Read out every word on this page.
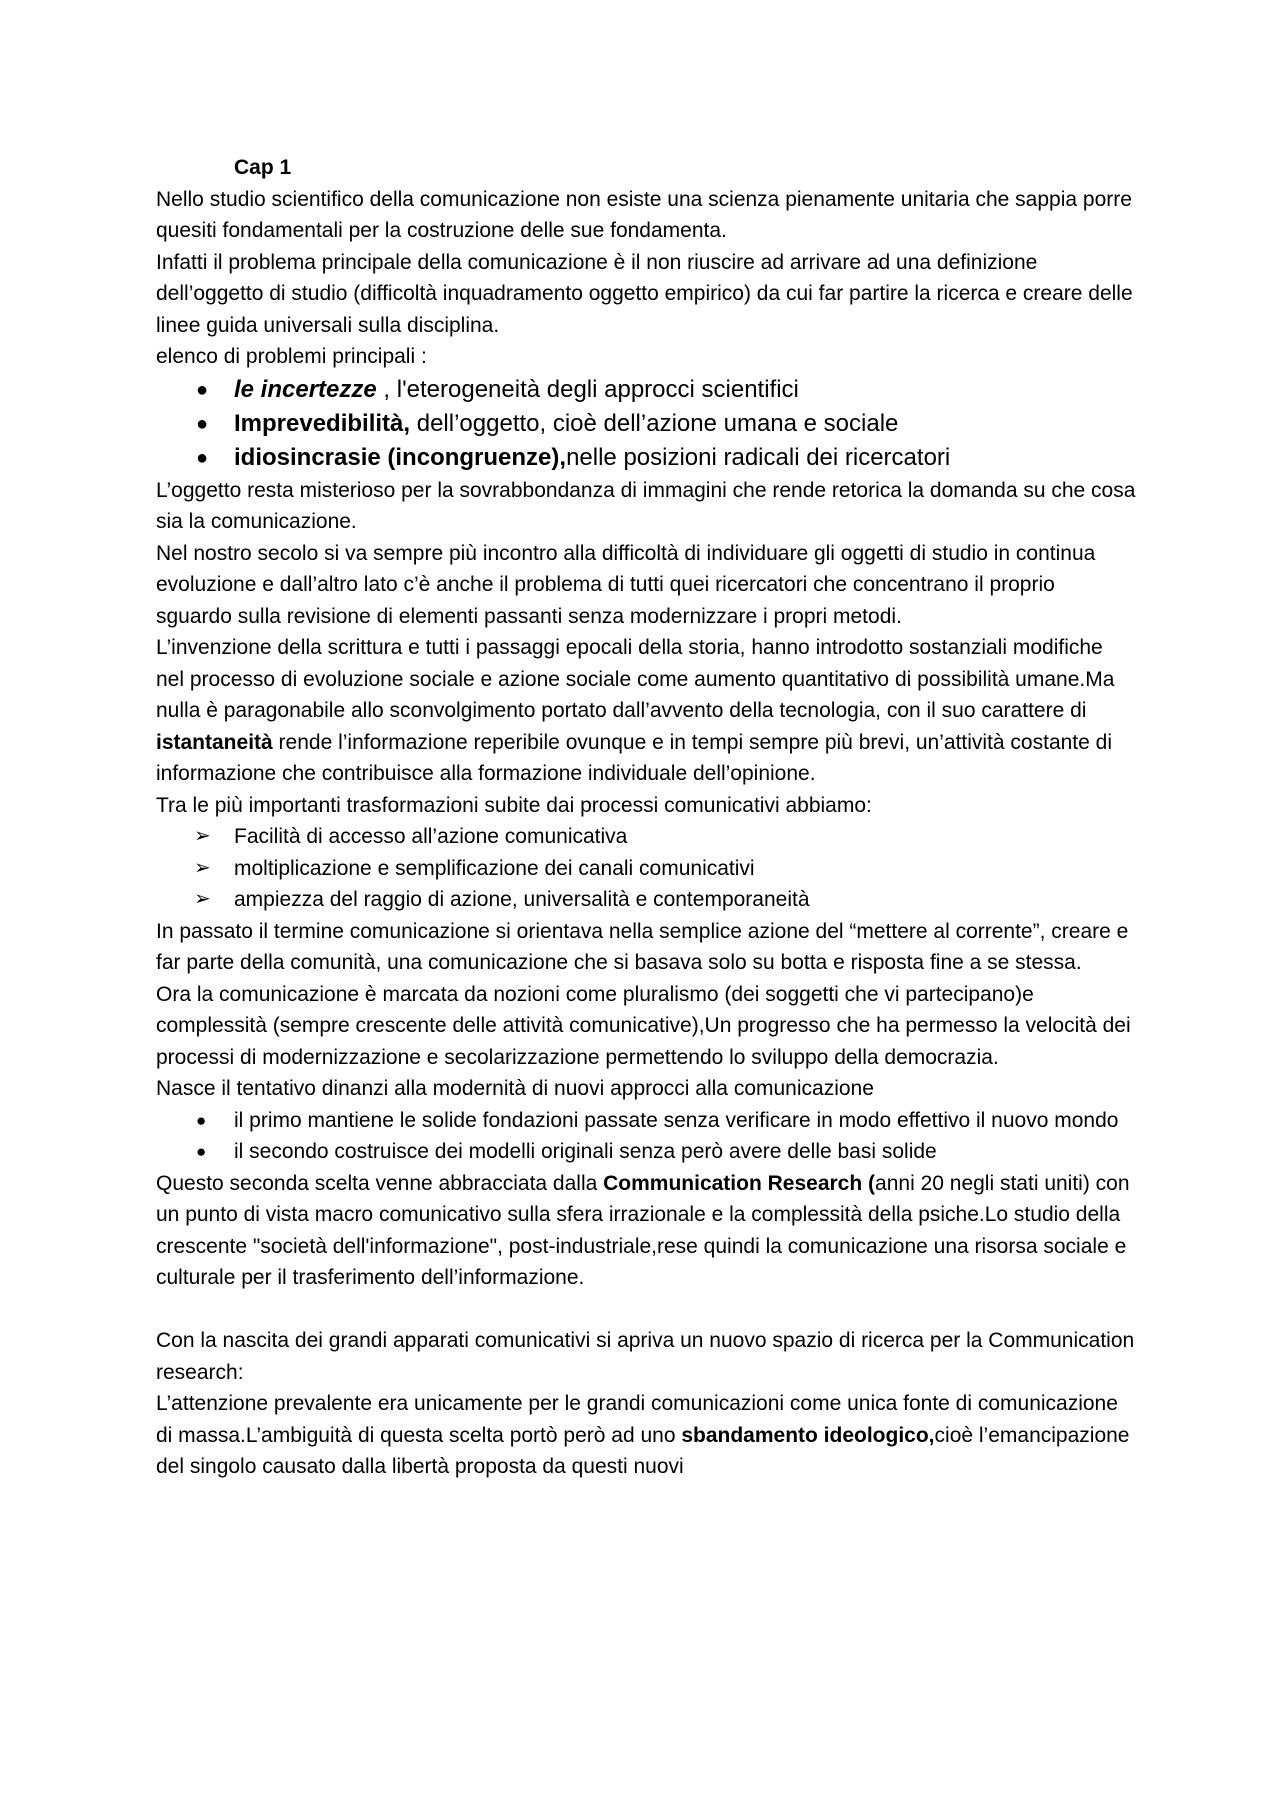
Cap 1

Nello studio scientifico della comunicazione non esiste una scienza pienamente unitaria che sappia porre quesiti fondamentali per la costruzione delle sue fondamenta.

Infatti il problema principale della comunicazione è il non riuscire ad arrivare ad una definizione dell’oggetto di studio (difficoltà inquadramento oggetto empirico) da cui far partire la ricerca e creare delle linee guida universali sulla disciplina.

elenco di problemi principali :

● le incertezze , l'eterogeneità degli approcci scientifici
● Imprevedibilità, dell’oggetto, cioè dell’azione umana e sociale
● idiosincrasie (incongruenze),nelle posizioni radicali dei ricercatori

L’oggetto resta misterioso per la sovrabbondanza di immagini che rende retorica la domanda su che cosa sia la comunicazione.

Nel nostro secolo si va sempre più incontro alla difficoltà di individuare gli oggetti di studio in continua evoluzione e dall’altro lato c’è anche il problema di tutti quei ricercatori che concentrano il proprio sguardo sulla revisione di elementi passanti senza modernizzare i propri metodi.

L’invenzione della scrittura e tutti i passaggi epocali della storia, hanno introdotto sostanziali modifiche nel processo di evoluzione sociale e azione sociale come aumento quantitativo di possibilità umane.Ma nulla è paragonabile allo sconvolgimento portato dall’avvento della tecnologia, con il suo carattere di istantaneità rende l’informazione reperibile ovunque e in tempi sempre più brevi, un’attività costante di informazione che contribuisce alla formazione individuale dell’opinione.

Tra le più importanti trasformazioni subite dai processi comunicativi abbiamo:

➢ Facilità di accesso all’azione comunicativa
➢ moltiplicazione e semplificazione dei canali comunicativi
➢ ampiezza del raggio di azione, universalità e contemporaneità

In passato il termine comunicazione si orientava nella semplice azione del “mettere al corrente”, creare e far parte della comunità, una comunicazione che si basava solo su botta e risposta fine a se stessa.

Ora la comunicazione è marcata da nozioni come pluralismo (dei soggetti che vi partecipano)e complessità (sempre crescente delle attività comunicative),Un progresso che ha permesso la velocità dei processi di modernizzazione e secolarizzazione permettendo lo sviluppo della democrazia.

Nasce il tentativo dinanzi alla modernità di nuovi approcci alla comunicazione

● il primo mantiene le solide fondazioni passate senza verificare in modo effettivo il nuovo mondo
● il secondo costruisce dei modelli originali senza però avere delle basi solide

Questo seconda scelta venne abbracciata dalla Communication Research (anni 20 negli stati uniti) con un punto di vista macro comunicativo sulla sfera irrazionale e la complessità della psiche.Lo studio della crescente "società dell'informazione", post-industriale,rese quindi la comunicazione una risorsa sociale e culturale per il trasferimento dell’informazione.

Con la nascita dei grandi apparati comunicativi si apriva un nuovo spazio di ricerca per la Communication research:

L’attenzione prevalente era unicamente per le grandi comunicazioni come unica fonte di comunicazione di massa.L’ambiguità di questa scelta portò però ad uno sbandamento ideologico,cioè l’emancipazione del singolo causato dalla libertà proposta da questi nuovi
